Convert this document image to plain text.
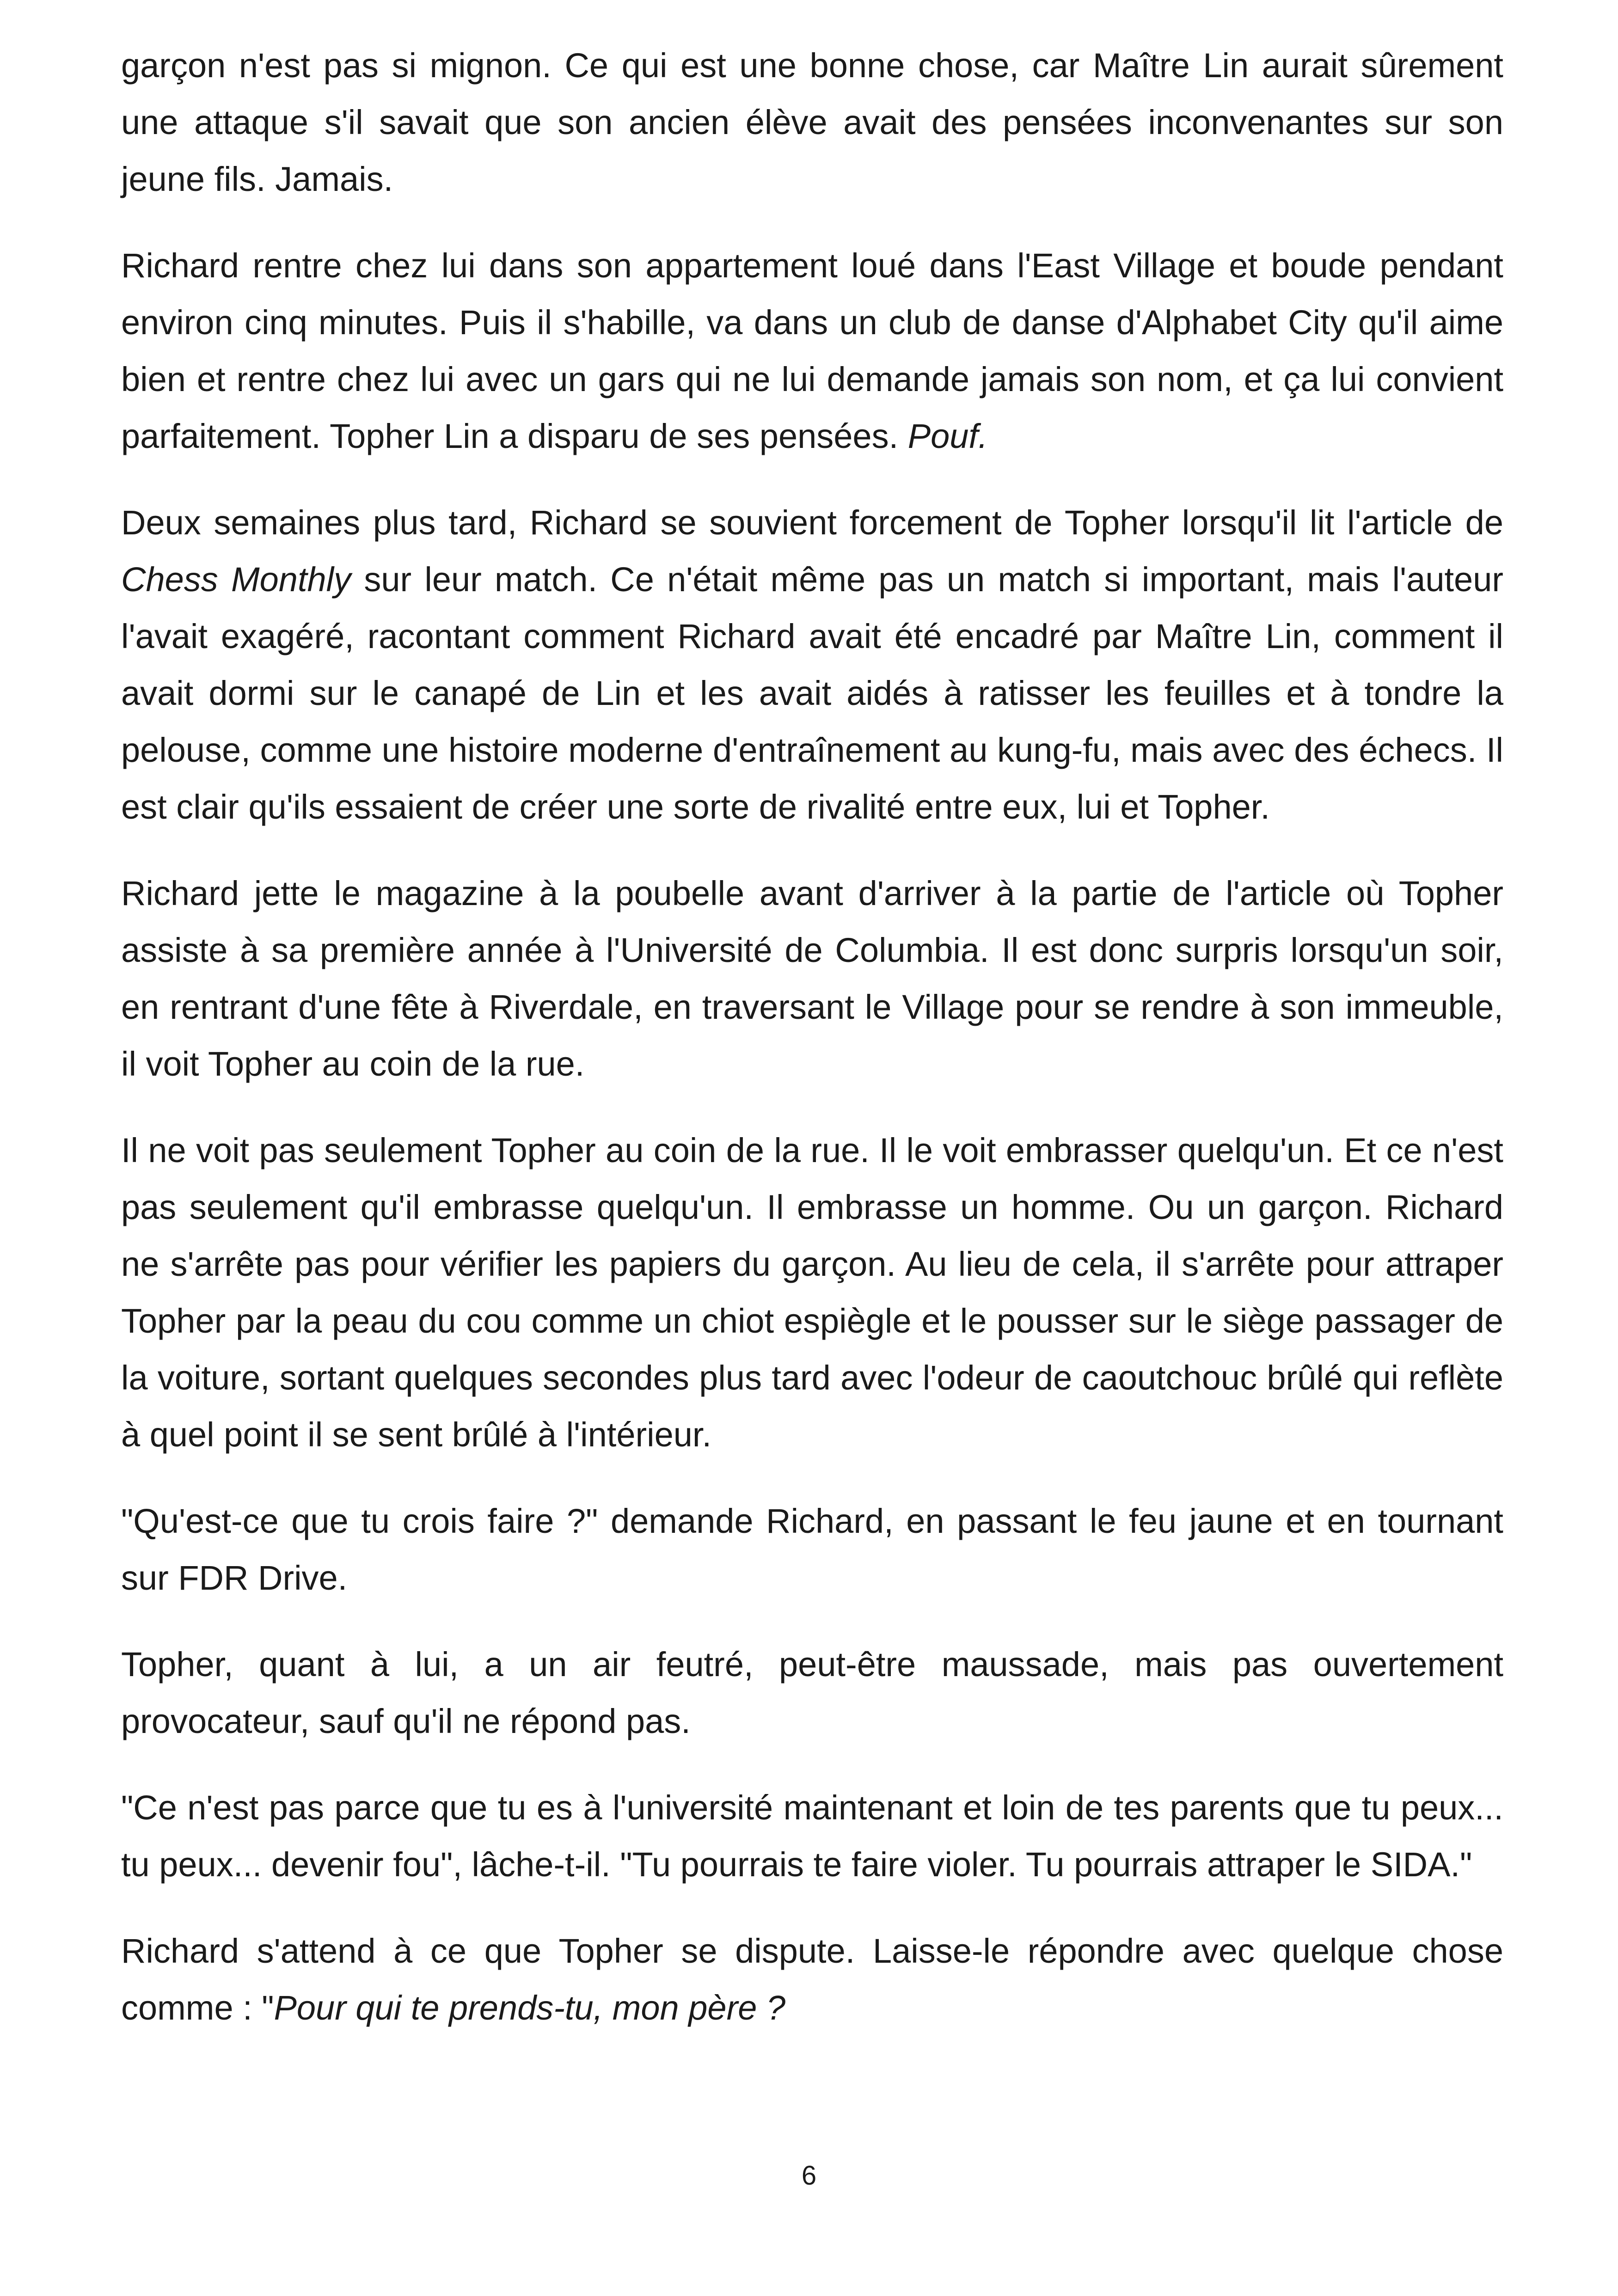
garçon n'est pas si mignon. Ce qui est une bonne chose, car Maître Lin aurait sûrement une attaque s'il savait que son ancien élève avait des pensées inconvenantes sur son jeune fils. Jamais.

Richard rentre chez lui dans son appartement loué dans l'East Village et boude pendant environ cinq minutes. Puis il s'habille, va dans un club de danse d'Alphabet City qu'il aime bien et rentre chez lui avec un gars qui ne lui demande jamais son nom, et ça lui convient parfaitement. Topher Lin a disparu de ses pensées. Pouf.

Deux semaines plus tard, Richard se souvient forcement de Topher lorsqu'il lit l'article de Chess Monthly sur leur match. Ce n'était même pas un match si important, mais l'auteur l'avait exagéré, racontant comment Richard avait été encadré par Maître Lin, comment il avait dormi sur le canapé de Lin et les avait aidés à ratisser les feuilles et à tondre la pelouse, comme une histoire moderne d'entraînement au kung-fu, mais avec des échecs. Il est clair qu'ils essaient de créer une sorte de rivalité entre eux, lui et Topher.

Richard jette le magazine à la poubelle avant d'arriver à la partie de l'article où Topher assiste à sa première année à l'Université de Columbia. Il est donc surpris lorsqu'un soir, en rentrant d'une fête à Riverdale, en traversant le Village pour se rendre à son immeuble, il voit Topher au coin de la rue.

Il ne voit pas seulement Topher au coin de la rue. Il le voit embrasser quelqu'un. Et ce n'est pas seulement qu'il embrasse quelqu'un. Il embrasse un homme. Ou un garçon. Richard ne s'arrête pas pour vérifier les papiers du garçon. Au lieu de cela, il s'arrête pour attraper Topher par la peau du cou comme un chiot espiègle et le pousser sur le siège passager de la voiture, sortant quelques secondes plus tard avec l'odeur de caoutchouc brûlé qui reflète à quel point il se sent brûlé à l'intérieur.

"Qu'est-ce que tu crois faire ?" demande Richard, en passant le feu jaune et en tournant sur FDR Drive.

Topher, quant à lui, a un air feutré, peut-être maussade, mais pas ouvertement provocateur, sauf qu'il ne répond pas.

"Ce n'est pas parce que tu es à l'université maintenant et loin de tes parents que tu peux... tu peux... devenir fou", lâche-t-il. "Tu pourrais te faire violer. Tu pourrais attraper le SIDA."

Richard s'attend à ce que Topher se dispute. Laisse-le répondre avec quelque chose comme : "Pour qui te prends-tu, mon père ?

6
